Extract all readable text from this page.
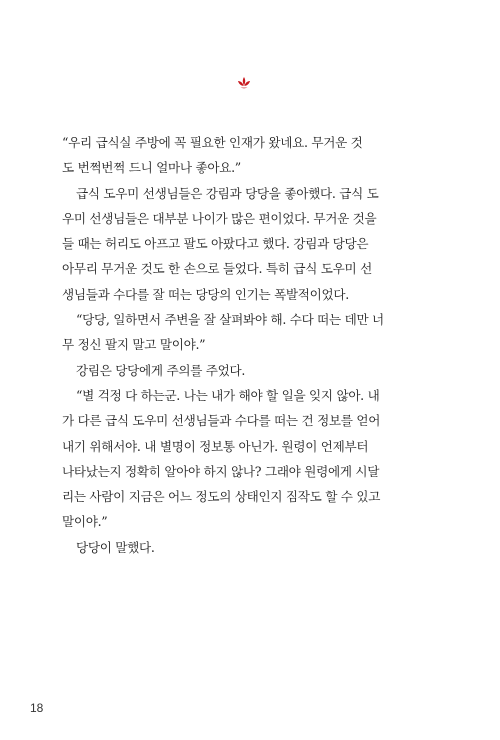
“우리 급식실 주방에 꼭 필요한 인재가 왔네요. 무거운 것
도 번쩍번쩍 드니 얼마나 좋아요.”
급식 도우미 선생님들은 강림과 당당을 좋아했다. 급식 도
우미 선생님들은 대부분 나이가 많은 편이었다. 무거운 것을
들 때는 허리도 아프고 팔도 아팠다고 했다. 강림과 당당은
아무리 무거운 것도 한 손으로 들었다. 특히 급식 도우미 선
생님들과 수다를 잘 떠는 당당의 인기는 폭발적이었다.
“당당, 일하면서 주변을 잘 살펴봐야 해. 수다 떠는 데만 너
무 정신 팔지 말고 말이야.”
강림은 당당에게 주의를 주었다.
“별 걱정 다 하는군. 나는 내가 해야 할 일을 잊지 않아. 내
가 다른 급식 도우미 선생님들과 수다를 떠는 건 정보를 얻어
내기 위해서야. 내 별명이 정보통 아닌가. 원령이 언제부터
나타났는지 정확히 알아야 하지 않나? 그래야 원령에게 시달
리는 사람이 지금은 어느 정도의 상태인지 짐작도 할 수 있고
말이야.”
당당이 말했다.
18
